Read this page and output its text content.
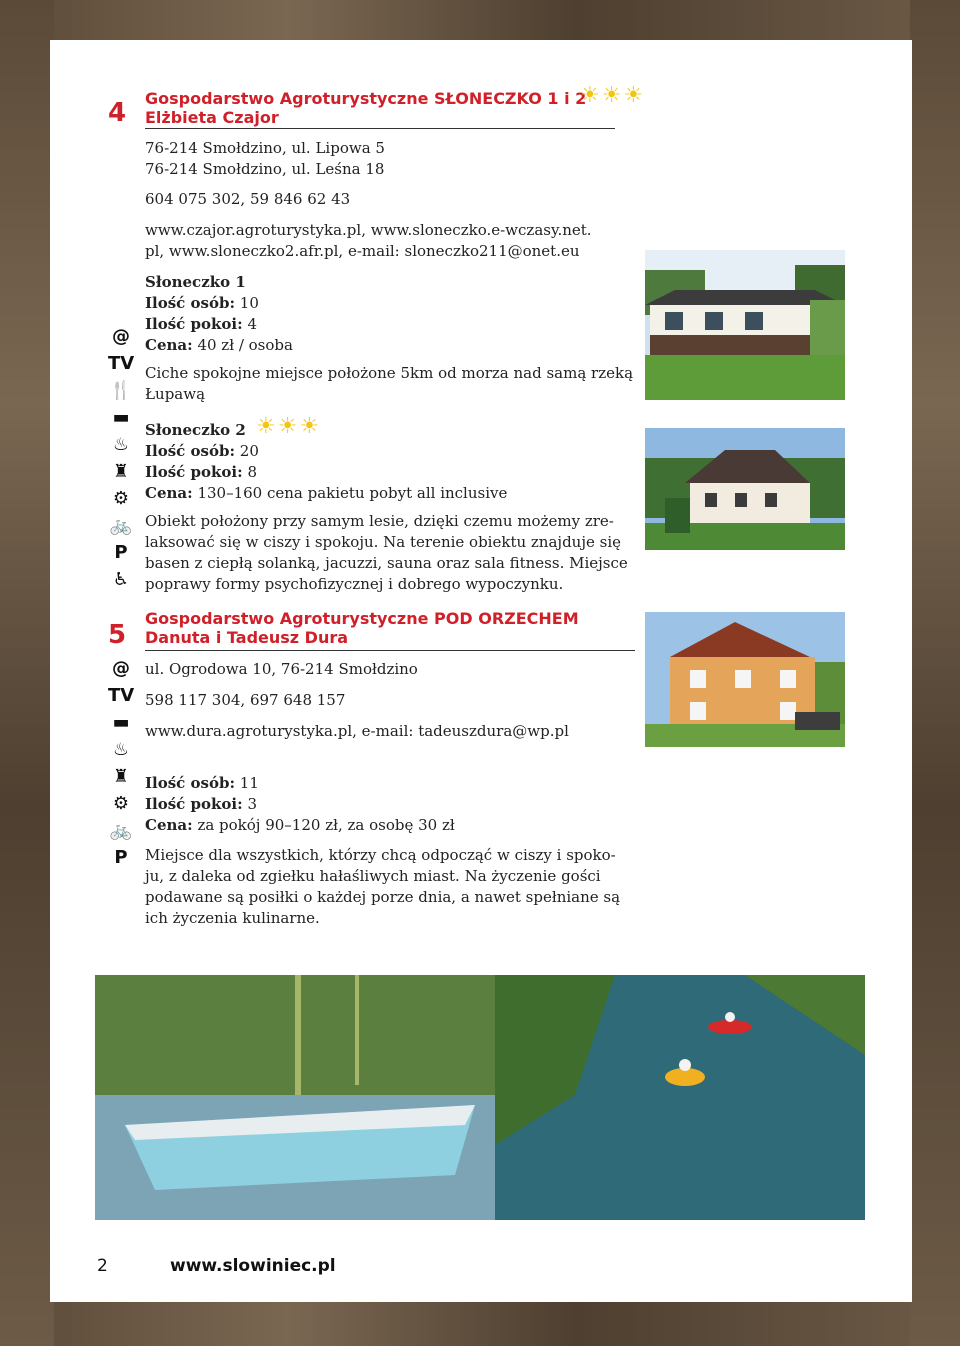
4 Gospodarstwo Agroturystyczne SŁONECZKO 1 i 2
☀☀☀
Elżbieta Czajor
76-214 Smołdzino, ul. Lipowa 5
76-214 Smołdzino, ul. Leśna 18
604 075 302, 59 846 62 43
www.czajor.agroturystyka.pl, www.sloneczko.e-wczasy.net.
pl, www.sloneczko2.afr.pl, e-mail: sloneczko211@onet.eu
Słoneczko 1
Ilość osób: 10
Ilość pokoi: 4
Cena: 40 zł / osoba
Ciche spokojne miejsce położone 5km od morza nad samą rzeką
Łupawą
Słoneczko 2 ☀☀☀
Ilość osób: 20
Ilość pokoi: 8
Cena: 130–160 cena pakietu pobyt all inclusive
Obiekt położony przy samym lesie, dzięki czemu możemy zre-
laksować się w ciszy i spokoju. Na terenie obiektu znajduje się
basen z ciepłą solanką, jacuzzi, sauna oraz sala fitness. Miejsce
poprawy formy psychofizycznej i dobrego wypoczynku.
@
TV
🍴
▬
♨
♜
⚙
🚲
P
♿
5
Gospodarstwo Agroturystyczne POD ORZECHEM
Danuta i Tadeusz Dura
ul. Ogrodowa 10, 76-214 Smołdzino
598 117 304, 697 648 157
www.dura.agroturystyka.pl, e-mail: tadeuszdura@wp.pl
Ilość osób: 11
Ilość pokoi: 3
Cena: za pokój 90–120 zł, za osobę 30 zł
Miejsce dla wszystkich, którzy chcą odpocząć w ciszy i spoko-
ju, z daleka od zgiełku hałaśliwych miast. Na życzenie gości
podawane są posiłki o każdej porze dnia, a nawet spełniane są
ich życzenia kulinarne.
@
TV
▬
♨
♜
⚙
🚲
P
2	www.slowiniec.pl
